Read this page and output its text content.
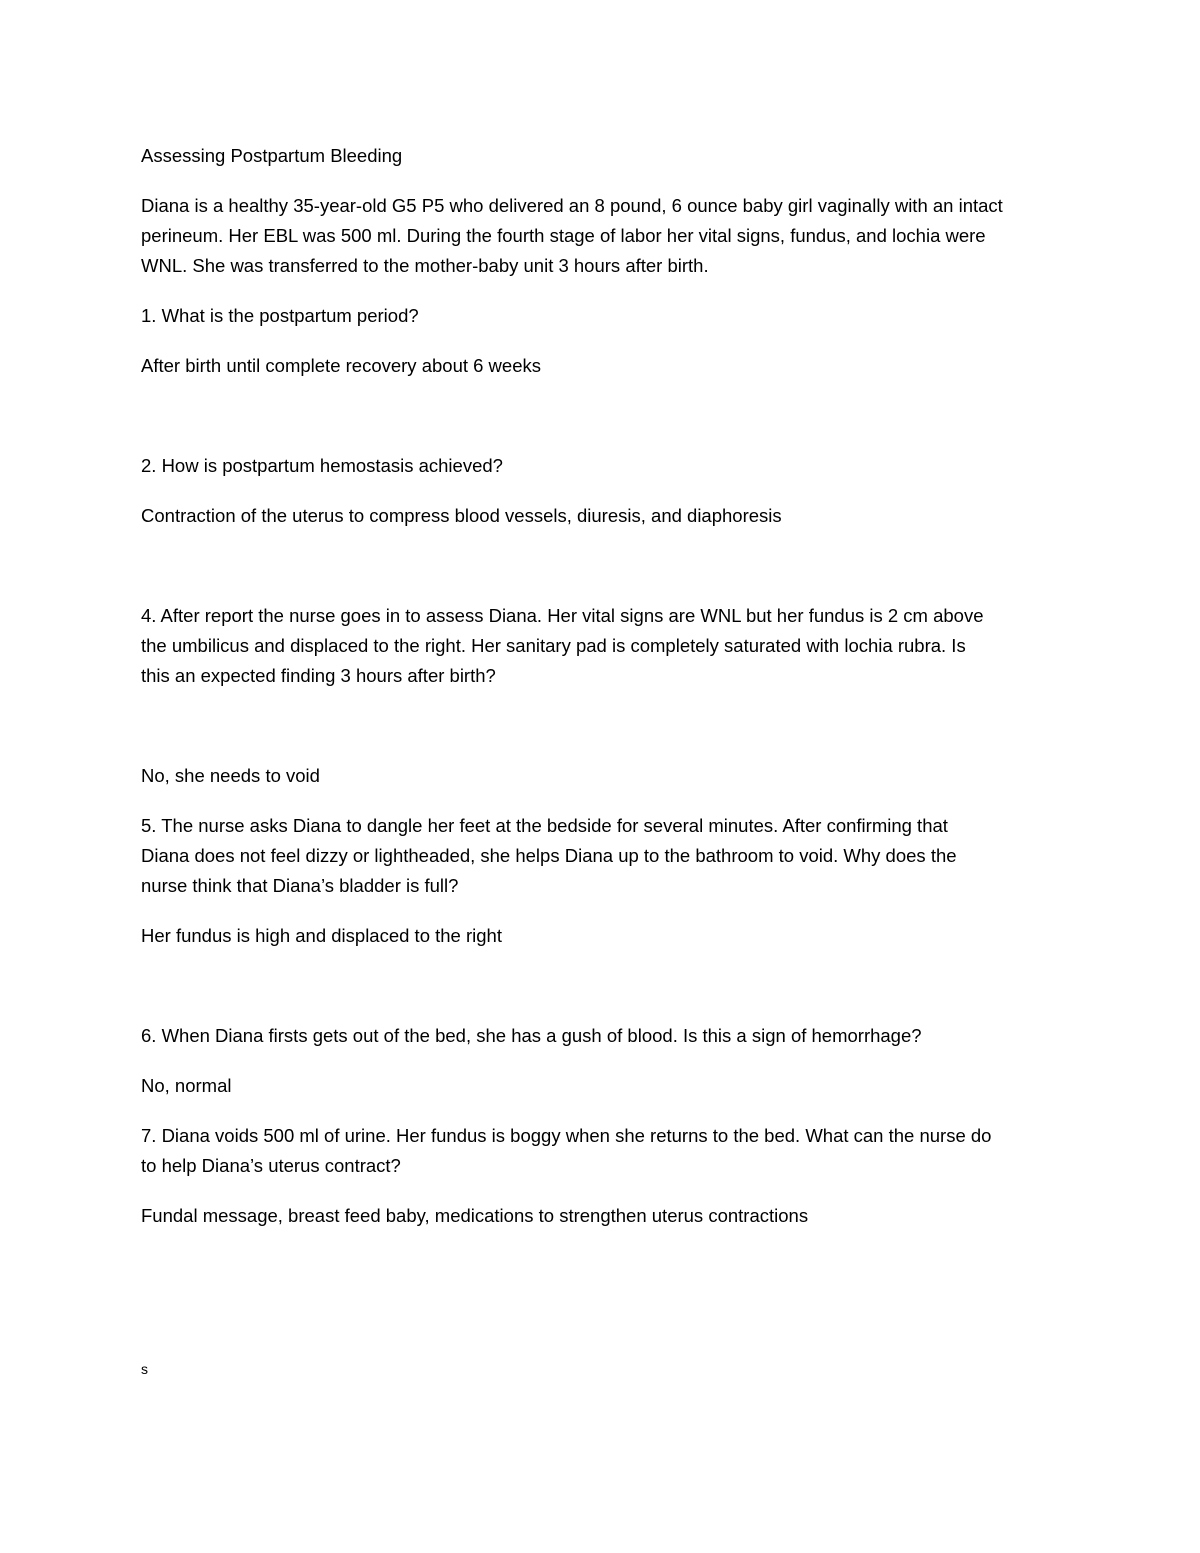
Assessing Postpartum Bleeding
Diana is a healthy 35-year-old G5 P5 who delivered an 8 pound, 6 ounce baby girl vaginally with an intact
perineum. Her EBL was 500 ml. During the fourth stage of labor her vital signs, fundus, and lochia were
WNL. She was transferred to the mother-baby unit 3 hours after birth.
1. What is the postpartum period?
After birth until complete recovery about 6 weeks
2. How is postpartum hemostasis achieved?
Contraction of the uterus to compress blood vessels, diuresis, and diaphoresis
4. After report the nurse goes in to assess Diana. Her vital signs are WNL but her fundus is 2 cm above
the umbilicus and displaced to the right. Her sanitary pad is completely saturated with lochia rubra. Is
this an expected finding 3 hours after birth?
No, she needs to void
5. The nurse asks Diana to dangle her feet at the bedside for several minutes. After confirming that
Diana does not feel dizzy or lightheaded, she helps Diana up to the bathroom to void. Why does the
nurse think that Diana’s bladder is full?
Her fundus is high and displaced to the right
6. When Diana firsts gets out of the bed, she has a gush of blood. Is this a sign of hemorrhage?
No, normal
7. Diana voids 500 ml of urine. Her fundus is boggy when she returns to the bed. What can the nurse do
to help Diana’s uterus contract?
Fundal message, breast feed baby, medications to strengthen uterus contractions
s
